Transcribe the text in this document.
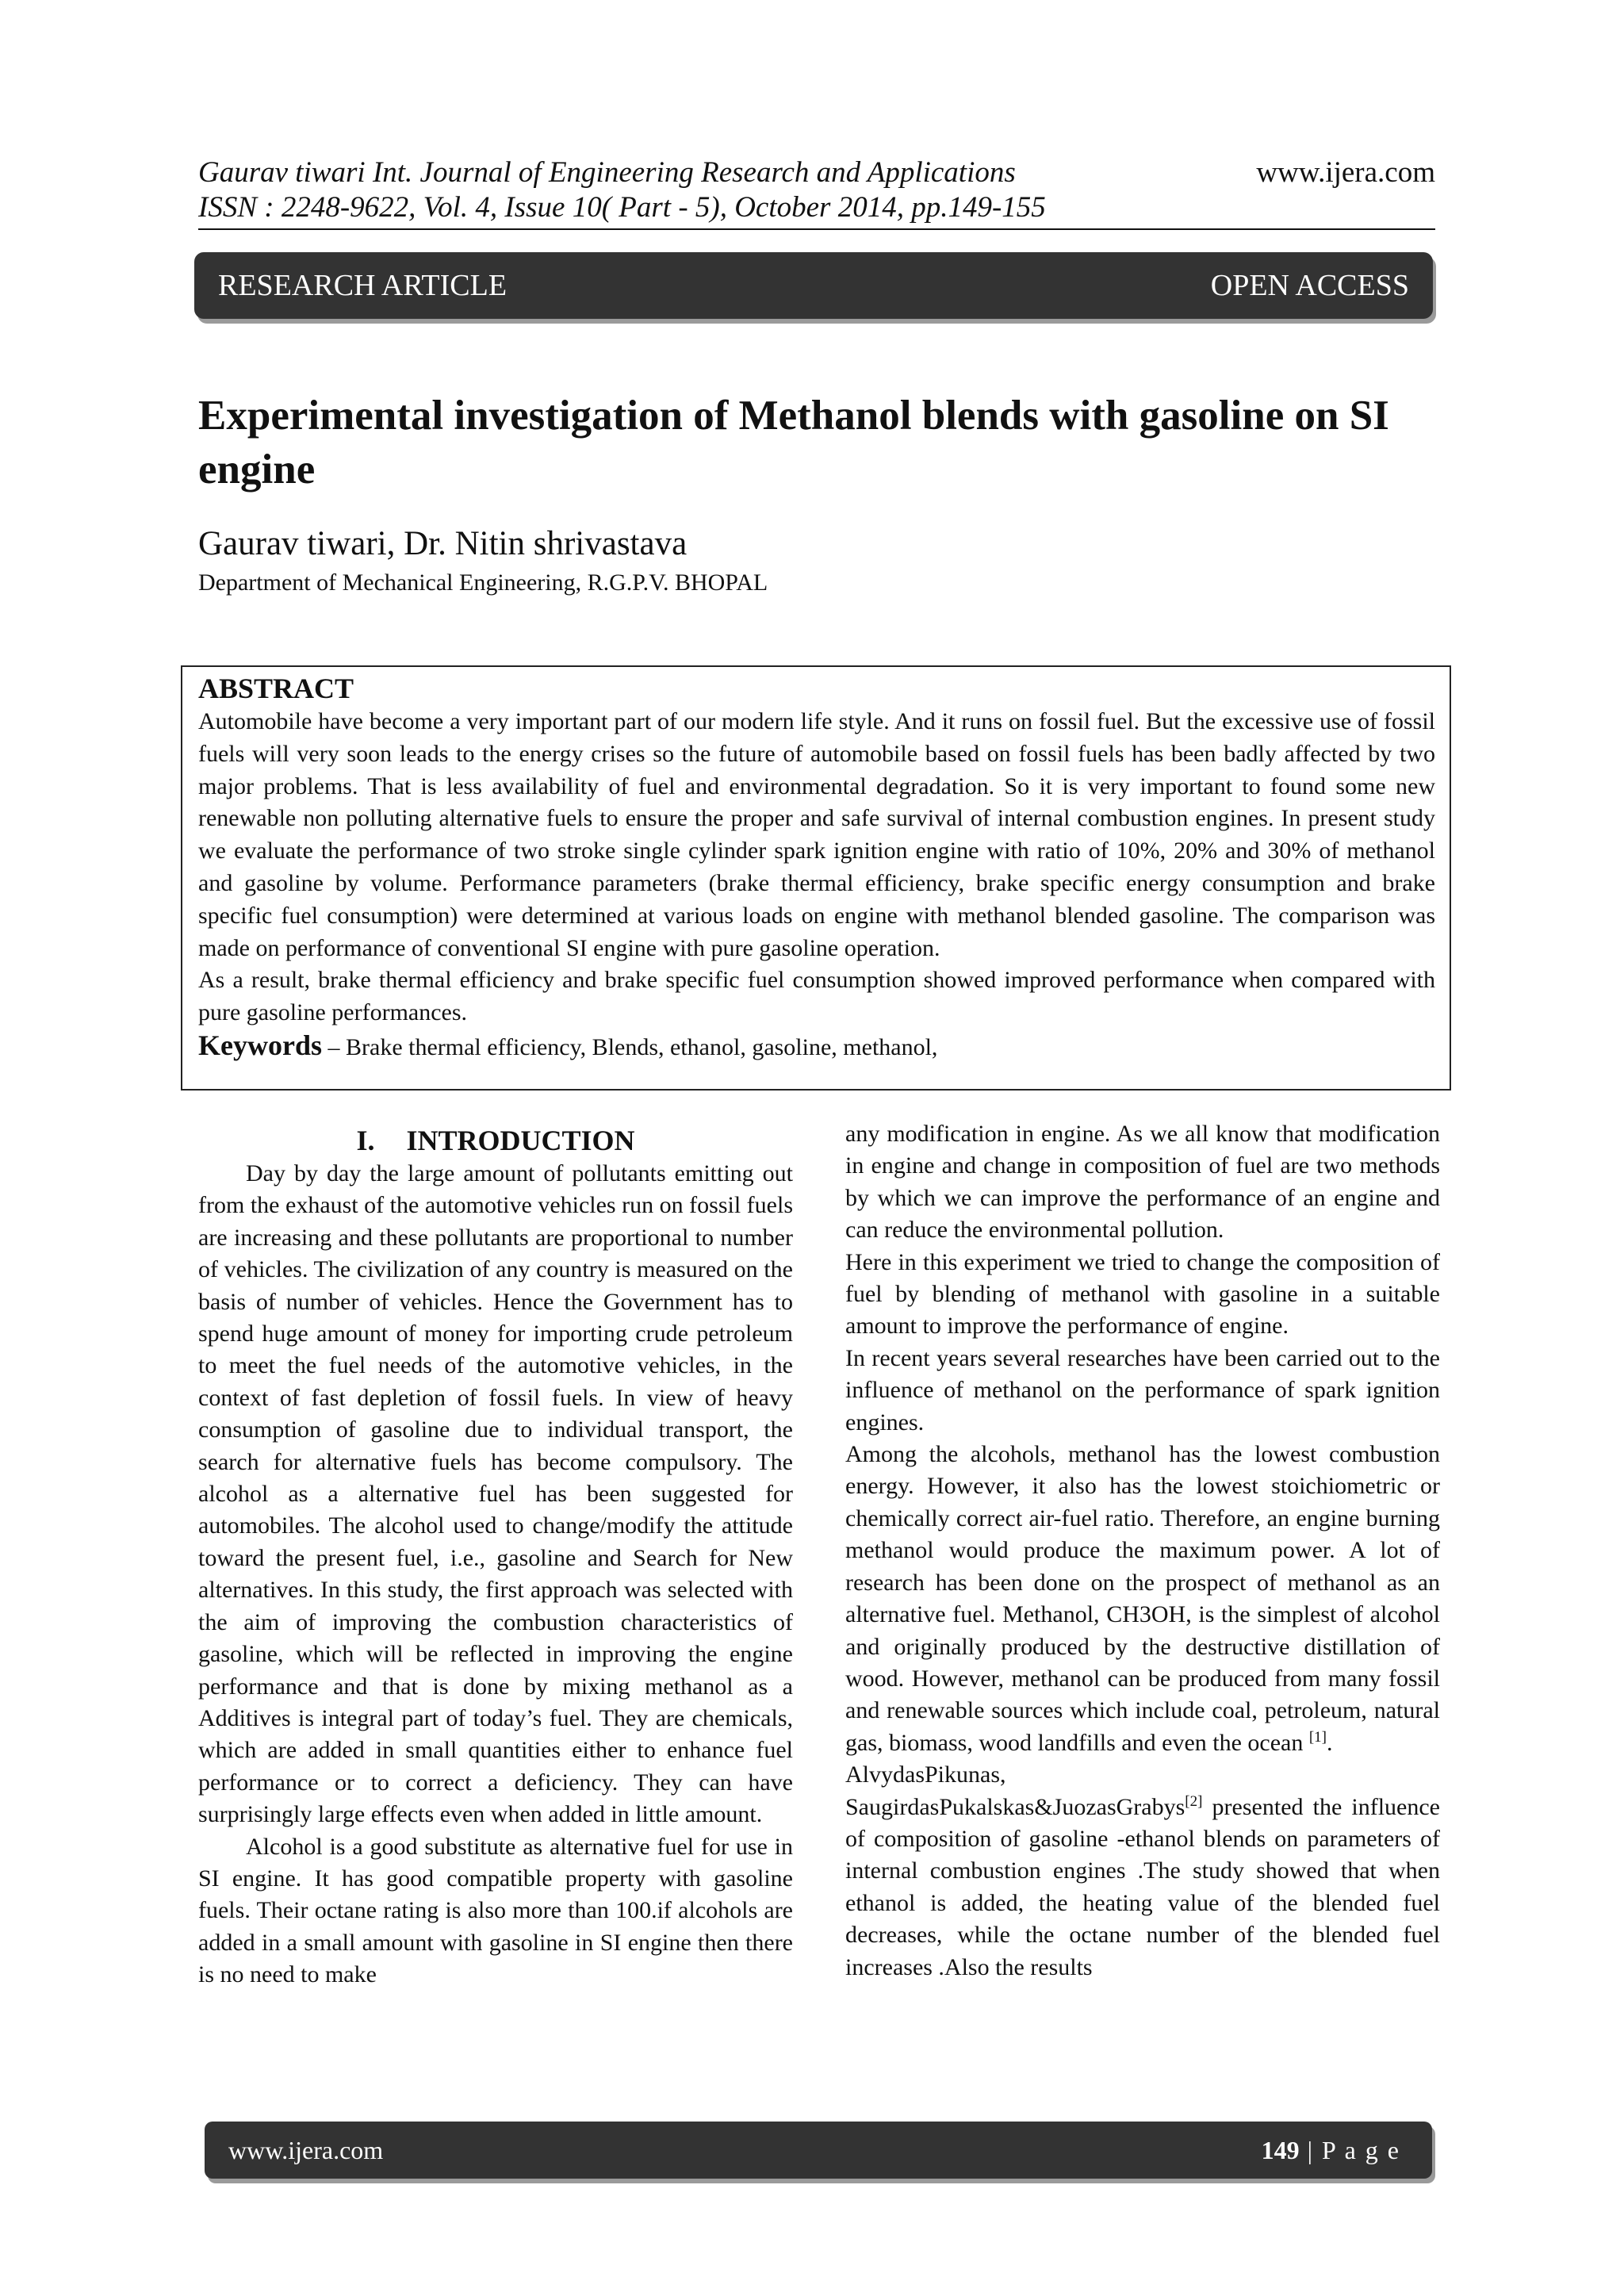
Gaurav tiwari Int. Journal of Engineering Research and Applications
ISSN : 2248-9622, Vol. 4, Issue 10( Part - 5), October 2014, pp.149-155
www.ijera.com
RESEARCH ARTICLE	OPEN ACCESS
Experimental investigation of Methanol blends with gasoline on SI engine
Gaurav tiwari, Dr. Nitin shrivastava
Department of Mechanical Engineering, R.G.P.V. BHOPAL
ABSTRACT

Automobile have become a very important part of our modern life style. And it runs on fossil fuel. But the excessive use of fossil fuels will very soon leads to the energy crises so the future of automobile based on fossil fuels has been badly affected by two major problems. That is less availability of fuel and environmental degradation. So it is very important to found some new renewable non polluting alternative fuels to ensure the proper and safe survival of internal combustion engines. In present study we evaluate the performance of two stroke single cylinder spark ignition engine with ratio of 10%, 20% and 30% of methanol and gasoline by volume. Performance parameters (brake thermal efficiency, brake specific energy consumption and brake specific fuel consumption) were determined at various loads on engine with methanol blended gasoline. The comparison was made on performance of conventional SI engine with pure gasoline operation.

As a result, brake thermal efficiency and brake specific fuel consumption showed improved performance when compared with pure gasoline performances.

Keywords – Brake thermal efficiency, Blends, ethanol, gasoline, methanol,

I. INTRODUCTION

Day by day the large amount of pollutants emitting out from the exhaust of the automotive vehicles run on fossil fuels are increasing and these pollutants are proportional to number of vehicles. The civilization of any country is measured on the basis of number of vehicles. Hence the Government has to spend huge amount of money for importing crude petroleum to meet the fuel needs of the automotive vehicles, in the context of fast depletion of fossil fuels. In view of heavy consumption of gasoline due to individual transport, the search for alternative fuels has become compulsory. The alcohol as a alternative fuel has been suggested for automobiles. The alcohol used to change/modify the attitude toward the present fuel, i.e., gasoline and Search for New alternatives. In this study, the first approach was selected with the aim of improving the combustion characteristics of gasoline, which will be reflected in improving the engine performance and that is done by mixing methanol as a Additives is integral part of today’s fuel. They are chemicals, which are added in small quantities either to enhance fuel performance or to correct a deficiency. They can have surprisingly large effects even when added in little amount.

Alcohol is a good substitute as alternative fuel for use in SI engine. It has good compatible property with gasoline fuels. Their octane rating is also more than 100.if alcohols are added in a small amount with gasoline in SI engine then there is no need to make

any modification in engine. As we all know that modification in engine and change in composition of fuel are two methods by which we can improve the performance of an engine and can reduce the environmental pollution.

Here in this experiment we tried to change the composition of fuel by blending of methanol with gasoline in a suitable amount to improve the performance of engine.

In recent years several researches have been carried out to the influence of methanol on the performance of spark ignition engines.

Among the alcohols, methanol has the lowest combustion energy. However, it also has the lowest stoichiometric or chemically correct air-fuel ratio. Therefore, an engine burning methanol would produce the maximum power. A lot of research has been done on the prospect of methanol as an alternative fuel. Methanol, CH3OH, is the simplest of alcohol and originally produced by the destructive distillation of wood. However, methanol can be produced from many fossil and renewable sources which include coal, petroleum, natural gas, biomass, wood landfills and even the ocean [1].

AlvydasPikunas,

SaugirdasPukalskas&JuozasGrabys[2] presented the influence of composition of gasoline -ethanol blends on parameters of internal combustion engines .The study showed that when ethanol is added, the heating value of the blended fuel decreases, while the octane number of the blended fuel increases .Also the results

www.ijera.com	149 | P a g e
